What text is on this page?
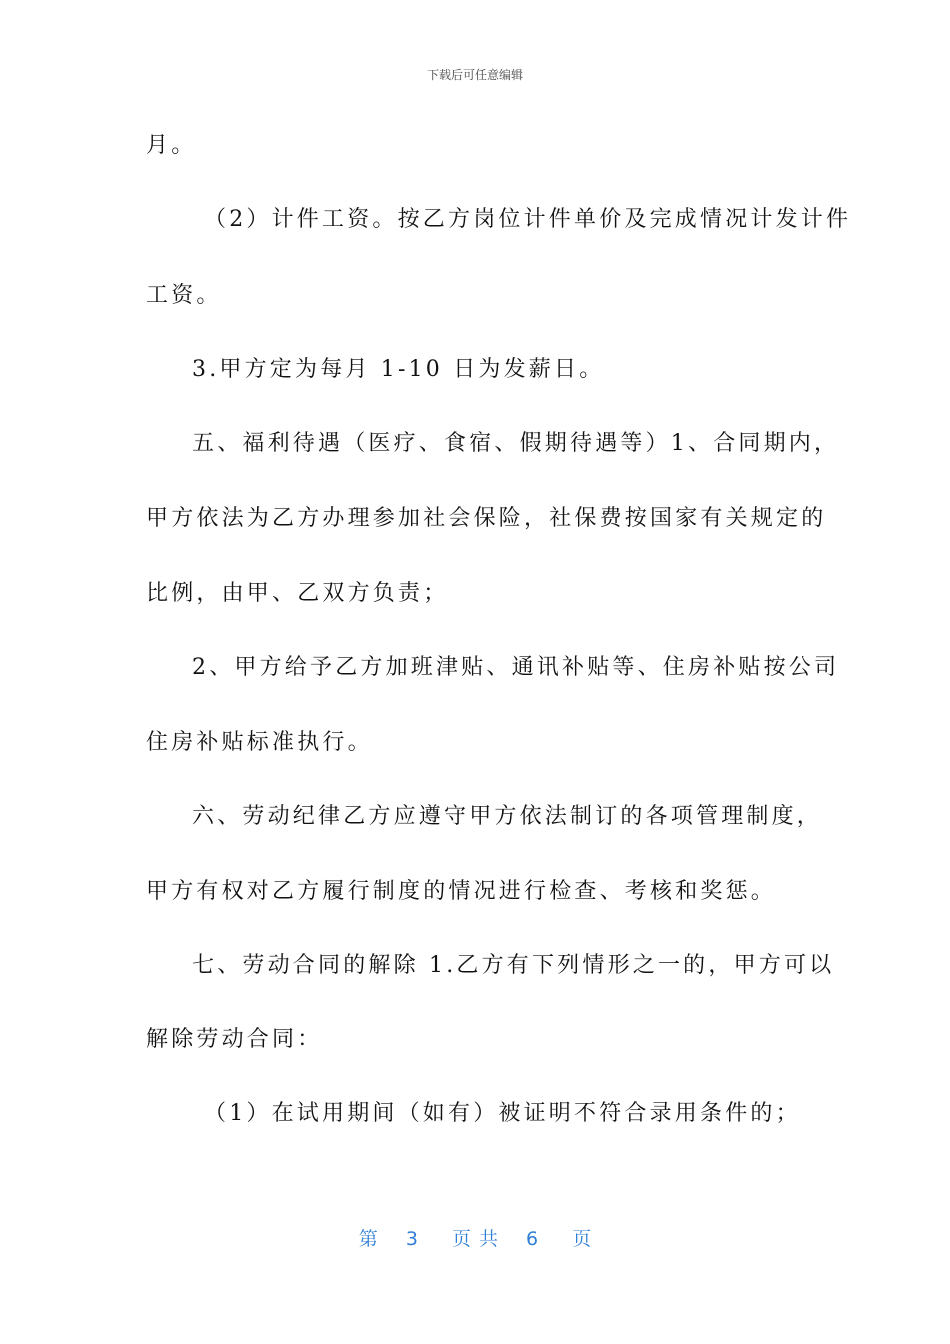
下载后可任意编辑
月。
（2）计件工资。按乙方岗位计件单价及完成情况计发计件
工资。
3.甲方定为每月 1-10 日为发薪日。
五、福利待遇（医疗、食宿、假期待遇等）1、合同期内，
甲方依法为乙方办理参加社会保险，社保费按国家有关规定的
比例，由甲、乙双方负责；
2、甲方给予乙方加班津贴、通讯补贴等、住房补贴按公司
住房补贴标准执行。
六、劳动纪律乙方应遵守甲方依法制订的各项管理制度，
甲方有权对乙方履行制度的情况进行检查、考核和奖惩。
七、劳动合同的解除 1.乙方有下列情形之一的，甲方可以
解除劳动合同：
（1）在试用期间（如有）被证明不符合录用条件的；
第 3 页共 6 页
